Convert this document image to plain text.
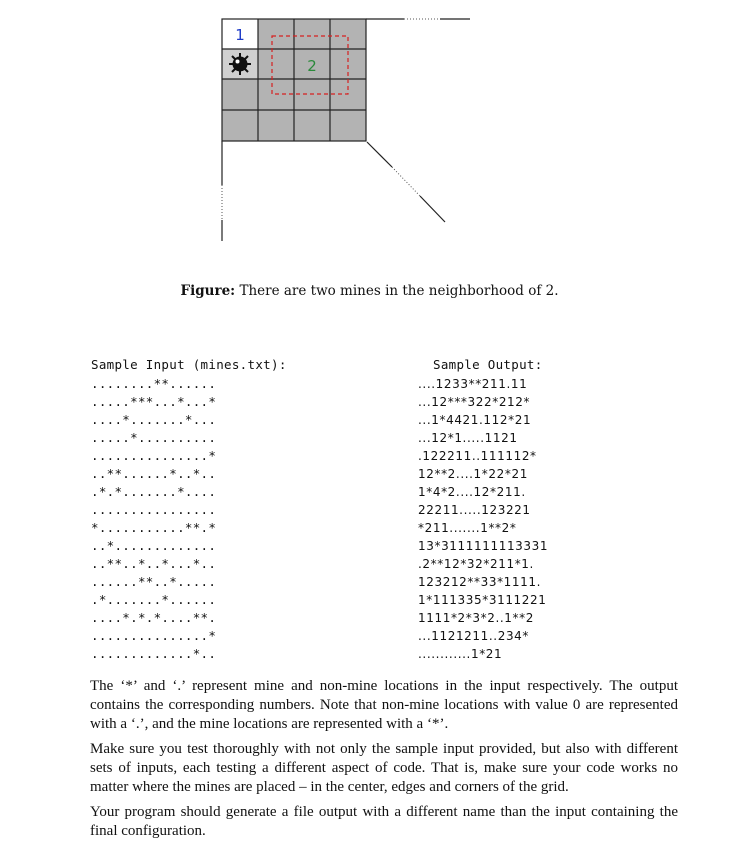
1
2
Figure: There are two mines in the neighborhood of 2.
Sample Input (mines.txt):
........**......
.....***...*...*
....*.......*...
.....*..........
...............*
..**......*..*..
.*.*.......*....
................
*...........**.*
..*.............
..**..*..*...*..
......**..*.....
.*.......*......
....*.*.*....**.
...............*
.............*..
Sample Output:
....1233**211.11
...12***322*212*
...1*4421.112*21
...12*1.....1121
.122211..111112*
12**2....1*22*21
1*4*2....12*211.
22211.....123221
*211.......1**2*
13*3111111113331
.2**12*32*211*1.
123212**33*1111.
1*111335*3111221
1111*2*3*2..1**2
...1121211..234*
............1*21

The ‘*’ and ‘.’ represent mine and non-mine locations in the input respectively. The output contains the corresponding numbers. Note that non-mine locations with value 0 are represented with a ‘.’, and the mine locations are represented with a ‘*’.

Make sure you test thoroughly with not only the sample input provided, but also with different sets of inputs, each testing a different aspect of code. That is, make sure your code works no matter where the mines are placed – in the center, edges and corners of the grid.

Your program should generate a file output with a different name than the input containing the final configuration.
